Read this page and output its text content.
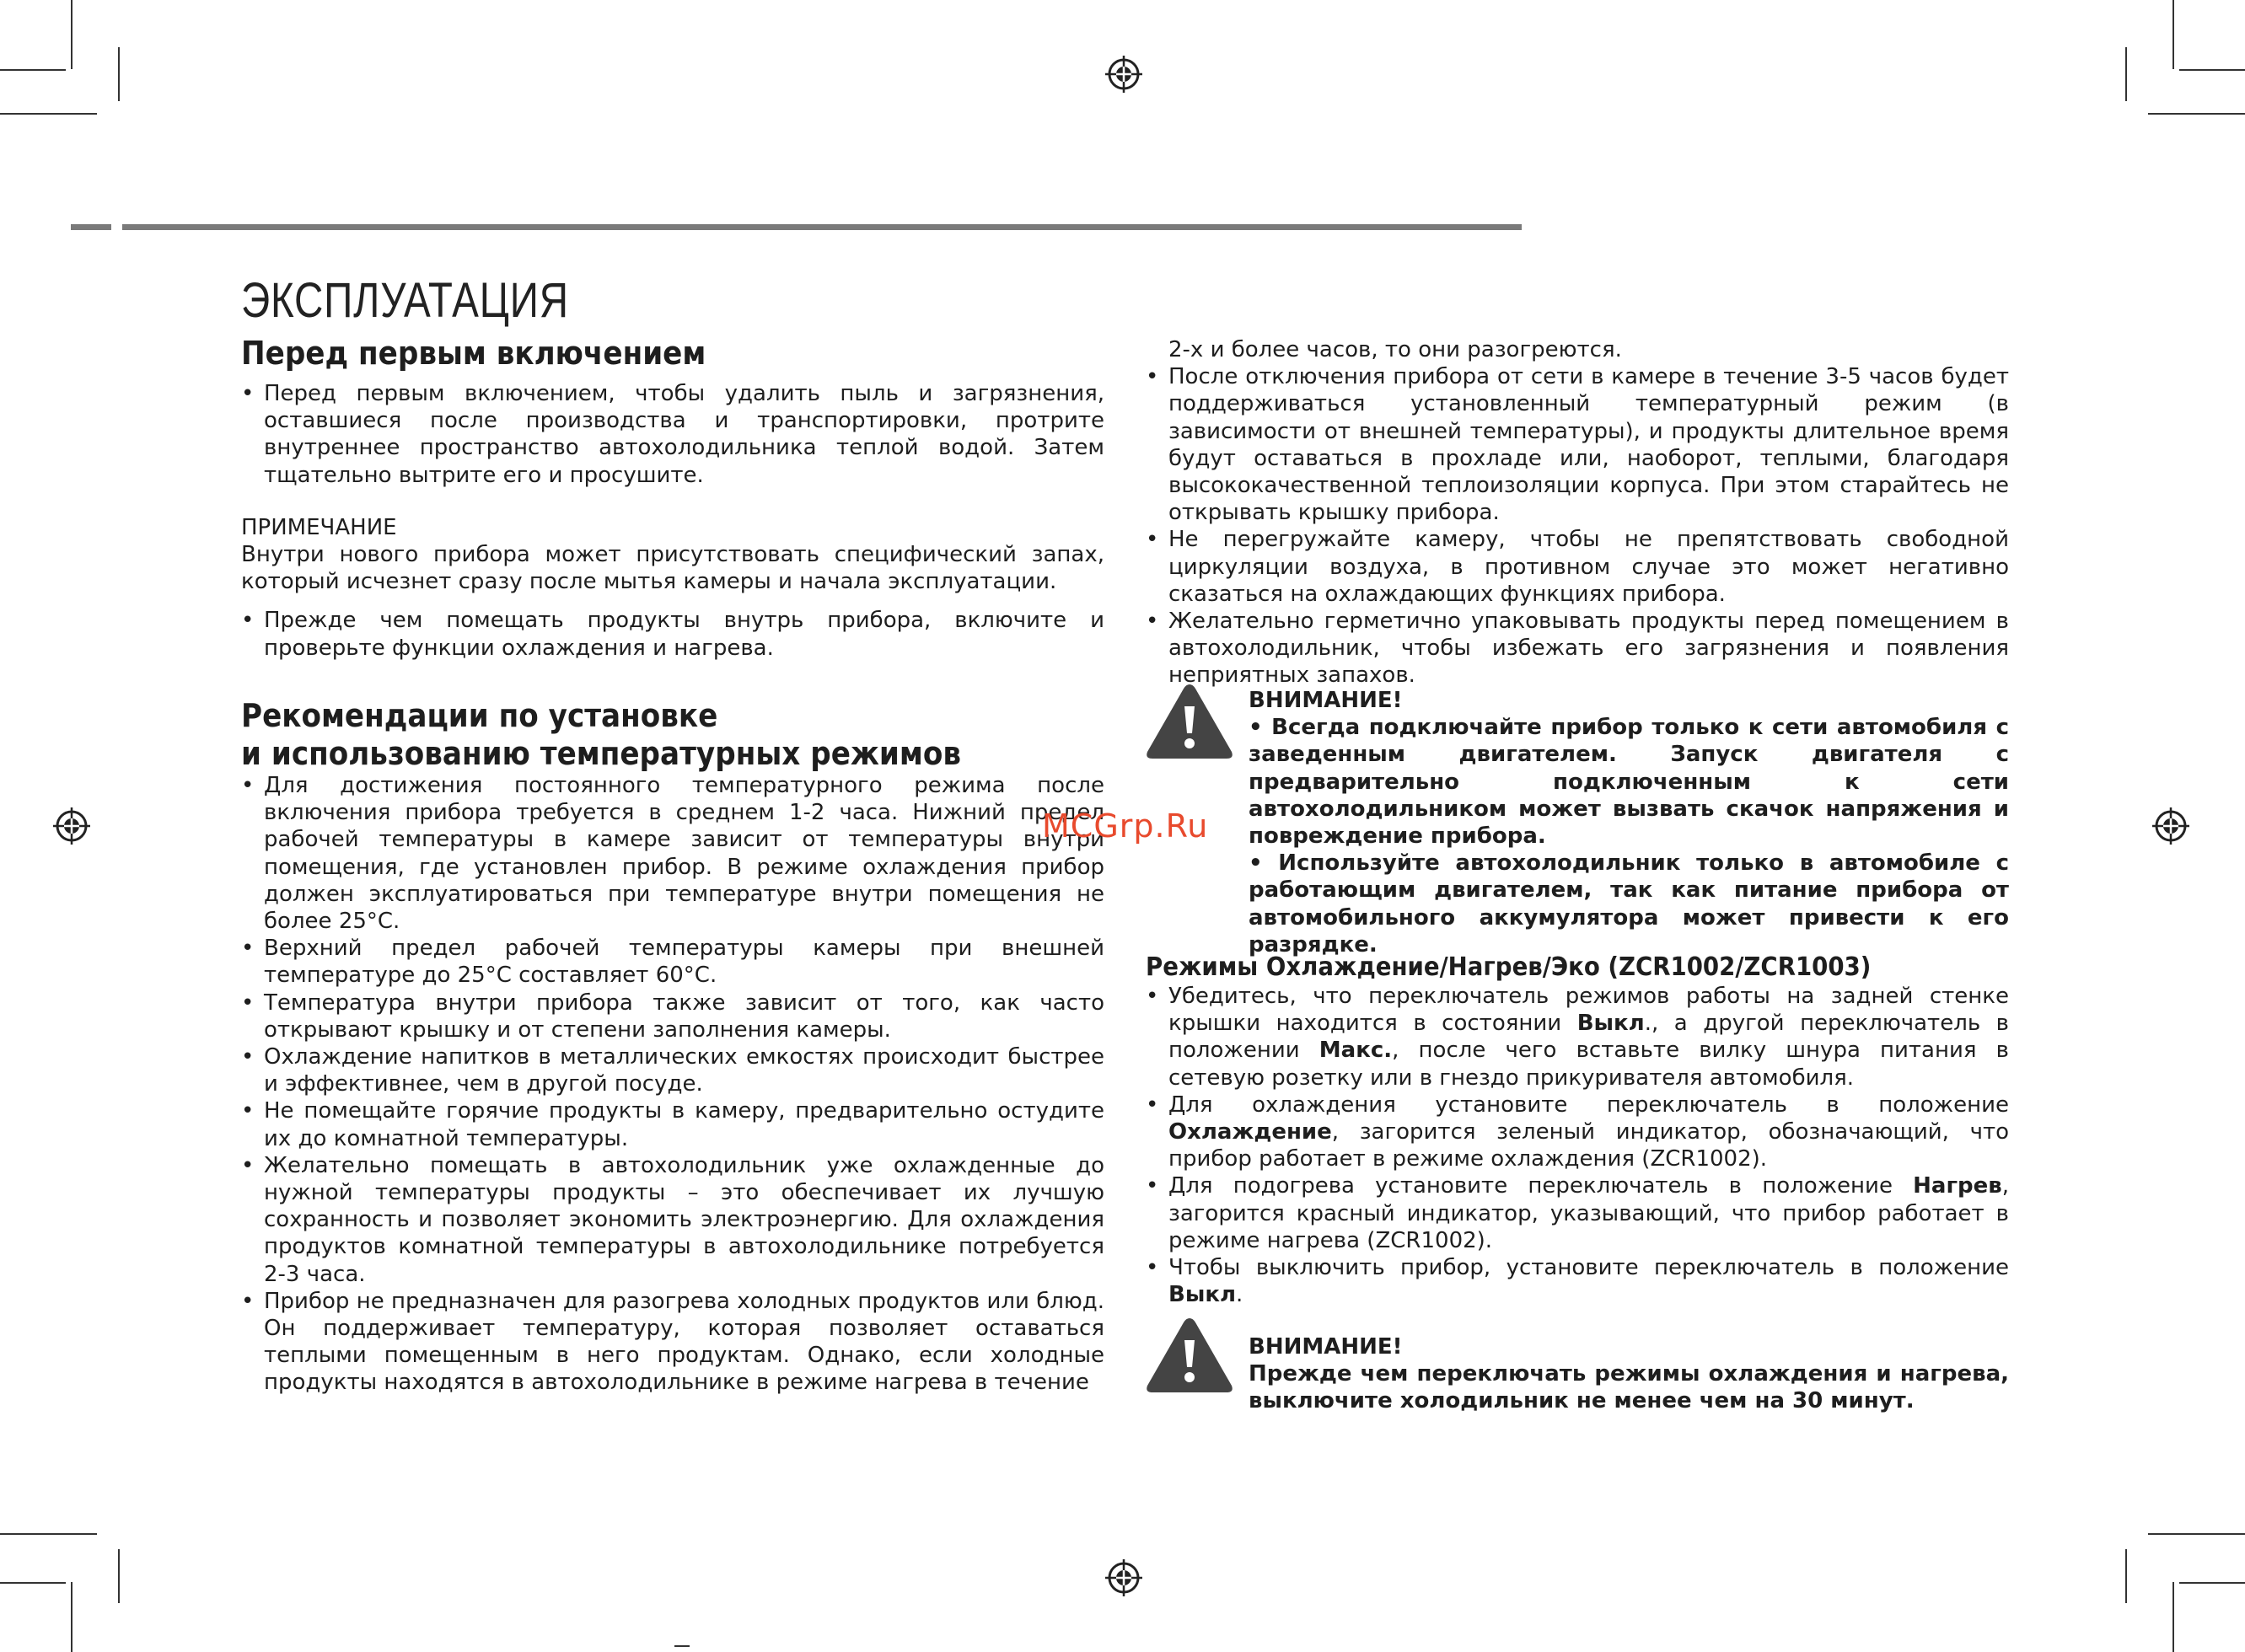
ЭКСПЛУАТАЦИЯ
Перед первым включением

• Перед первым включением, чтобы удалить пыль и загрязнения, оставшиеся после производства и транспортировки, протрите внутреннее пространство автохолодильника теплой водой. Затем тщательно вытрите его и просушите.

ПРИМЕЧАНИЕ

Внутри нового прибора может присутствовать специфический запах, который исчезнет сразу после мытья камеры и начала эксплуатации.

• Прежде чем помещать продукты внутрь прибора, включите и проверьте функции охлаждения и нагрева.

Рекомендации по установке
и использованию температурных режимов

• Для достижения постоянного температурного режима после включения прибора требуется в среднем 1-2 часа. Нижний предел рабочей температуры в камере зависит от температуры внутри помещения, где установлен прибор. В режиме охлаждения прибор должен эксплуатироваться при температуре внутри помещения не более 25°С.

• Верхний предел рабочей температуры камеры при внешней температуре до 25°С составляет 60°С.

• Температура внутри прибора также зависит от того, как часто открывают крышку и от степени заполнения камеры.

• Охлаждение напитков в металлических емкостях происходит быстрее и эффективнее, чем в другой посуде.

• Не помещайте горячие продукты в камеру, предварительно остудите их до комнатной температуры.

• Желательно помещать в автохолодильник уже охлажденные до нужной температуры продукты – это обеспечивает их лучшую сохранность и позволяет экономить электроэнергию. Для охлаждения продуктов комнатной температуры в автохолодильнике потребуется 2-3 часа.

• Прибор не предназначен для разогрева холодных продуктов или блюд. Он поддерживает температуру, которая позволяет оставаться теплыми помещенным в него продуктам. Однако, если холодные продукты находятся в автохолодильнике в режиме нагрева в течение

2-х и более часов, то они разогреются.

• После отключения прибора от сети в камере в течение 3-5 часов будет поддерживаться установленный температурный режим (в зависимости от внешней температуры), и продукты длительное время будут оставаться в прохладе или, наоборот, теплыми, благодаря высококачественной теплоизоляции корпуса. При этом старайтесь не открывать крышку прибора.

• Не перегружайте камеру, чтобы не препятствовать свободной циркуляции воздуха, в противном случае это может негативно сказаться на охлаждающих функциях прибора.

• Желательно герметично упаковывать продукты перед помещением в автохолодильник, чтобы избежать его загрязнения и появления неприятных запахов.

ВНИМАНИЕ!

• Всегда подключайте прибор только к сети автомобиля с заведенным двигателем. Запуск двигателя с предварительно подключенным к сети автохолодильником может вызвать скачок напряжения и повреждение прибора.

• Используйте автохолодильник только в автомобиле с работающим двигателем, так как питание прибора от автомобильного аккумулятора может привести к его разрядке.

Режимы Охлаждение/Нагрев/Эко (ZCR1002/ZCR1003)

• Убедитесь, что переключатель режимов работы на задней стенке крышки находится в состоянии Выкл., а другой переключатель в положении Макс., после чего вставьте вилку шнура питания в сетевую розетку или в гнездо прикуривателя автомобиля.

• Для охлаждения установите переключатель в положение Охлаждение, загорится зеленый индикатор, обозначающий, что прибор работает в режиме охлаждения (ZCR1002).

• Для подогрева установите переключатель в положение Нагрев, загорится красный индикатор, указывающий, что прибор работает в режиме нагрева (ZCR1002).

• Чтобы выключить прибор, установите переключатель в положение Выкл.

ВНИМАНИЕ!

Прежде чем переключать режимы охлаждения и нагрева, выключите холодильник не менее чем на 30 минут.

MCGrp.Ru
